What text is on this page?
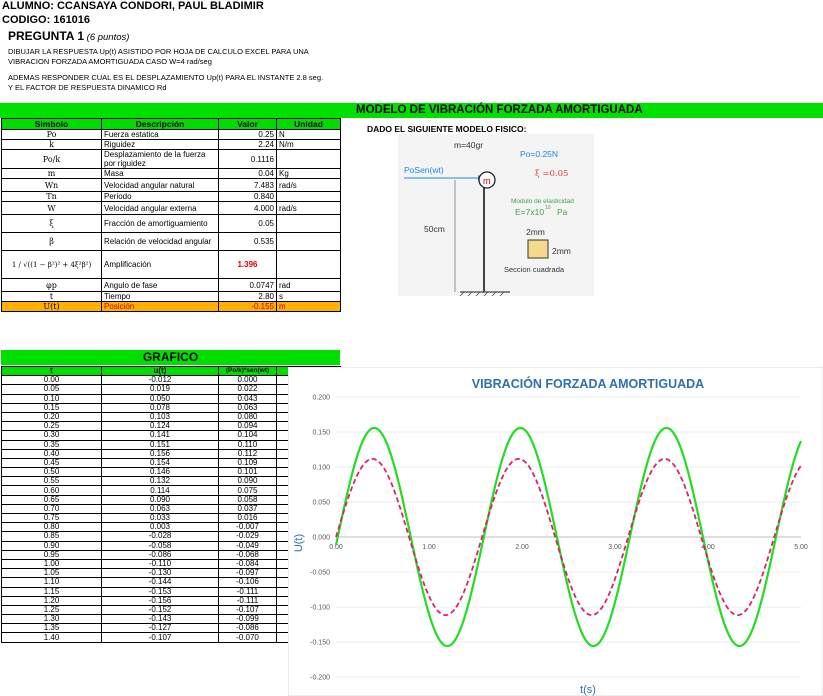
ALUMNO: CCANSAYA CONDORI, PAUL BLADIMIR
CODIGO: 161016
PREGUNTA 1 (6 puntos)
DIBUJAR LA RESPUESTA Up(t) ASISTIDO POR HOJA DE CALCULO EXCEL PARA UNA
VIBRACION FORZADA AMORTIGUADA CASO W=4 rad/seg
ADEMAS RESPONDER CUAL ES EL DESPLAZAMIENTO Up(t) PARA EL INSTANTE 2.8 seg.
Y EL FACTOR DE RESPUESTA DINAMICO Rd
MODELO DE VIBRACIÓN FORZADA AMORTIGUADA
Simbolo	Descripción	Valor	Unidad
Po	Fuerza estatica	0.25	N
k	Riguidez	2.24	N/m
Po/k	Desplazamiento de la fuerza por riguidez	0.1116	
m	Masa	0.04	Kg
Wn	Velocidad angular natural	7.483	rad/s
Tn	Periodo	0.840	
W	Velocidad angular externa	4.000	rad/s
ξ	Fracción de amortiguamiento	0.05	
β	Relación de velocidad angular	0.535	
1 / √((1 − β²)² + 4ξ²β²)	Amplificación	1.396	
φp	Angulo de fase	0.0747	rad
t	Tiempo	2.80	s
U(t)	Posición	-0.155	m
DADO EL SIGUIENTE MODELO FISICO:
m=40gr
Po=0.25N
PoSen(wt)
m
ξ =0.05
Modulo de elasticidad
E=7x10 10 Pa
50cm	2mm
2mm
Seccion cuadrada
GRAFICO
t	u(t)	(Po/k)*sen(wt)	
0.00	-0.012	0.000	
0.05	0.019	0.022	
0.10	0.050	0.043	
0.15	0.078	0.063	
0.20	0.103	0.080	
0.25	0.124	0.094	
0.30	0.141	0.104	
0.35	0.151	0.110	
0.40	0.156	0.112	
0.45	0.154	0.109	
0.50	0.146	0.101	
0.55	0.132	0.090	
0.60	0.114	0.075	
0.65	0.090	0.058	
0.70	0.063	0.037	
0.75	0.033	0.016	
0.80	0.003	-0.007	
0.85	-0.028	-0.029	
0.90	-0.058	-0.049	
0.95	-0.086	-0.068	
1.00	-0.110	-0.084	
1.05	-0.130	-0.097	
1.10	-0.144	-0.106	
1.15	-0.153	-0.111	
1.20	-0.156	-0.111	
1.25	-0.152	-0.107	
1.30	-0.143	-0.099	
1.35	-0.127	-0.086	
1.40	-0.107	-0.070	
VIBRACIÓN FORZADA AMORTIGUADA
0.200
0.150
0.100
0.050
0.000
-0.050
-0.100
-0.150
-0.200
0.00	1.00	2.00	3.00	4.00	5.00
t(s)
U(t)
